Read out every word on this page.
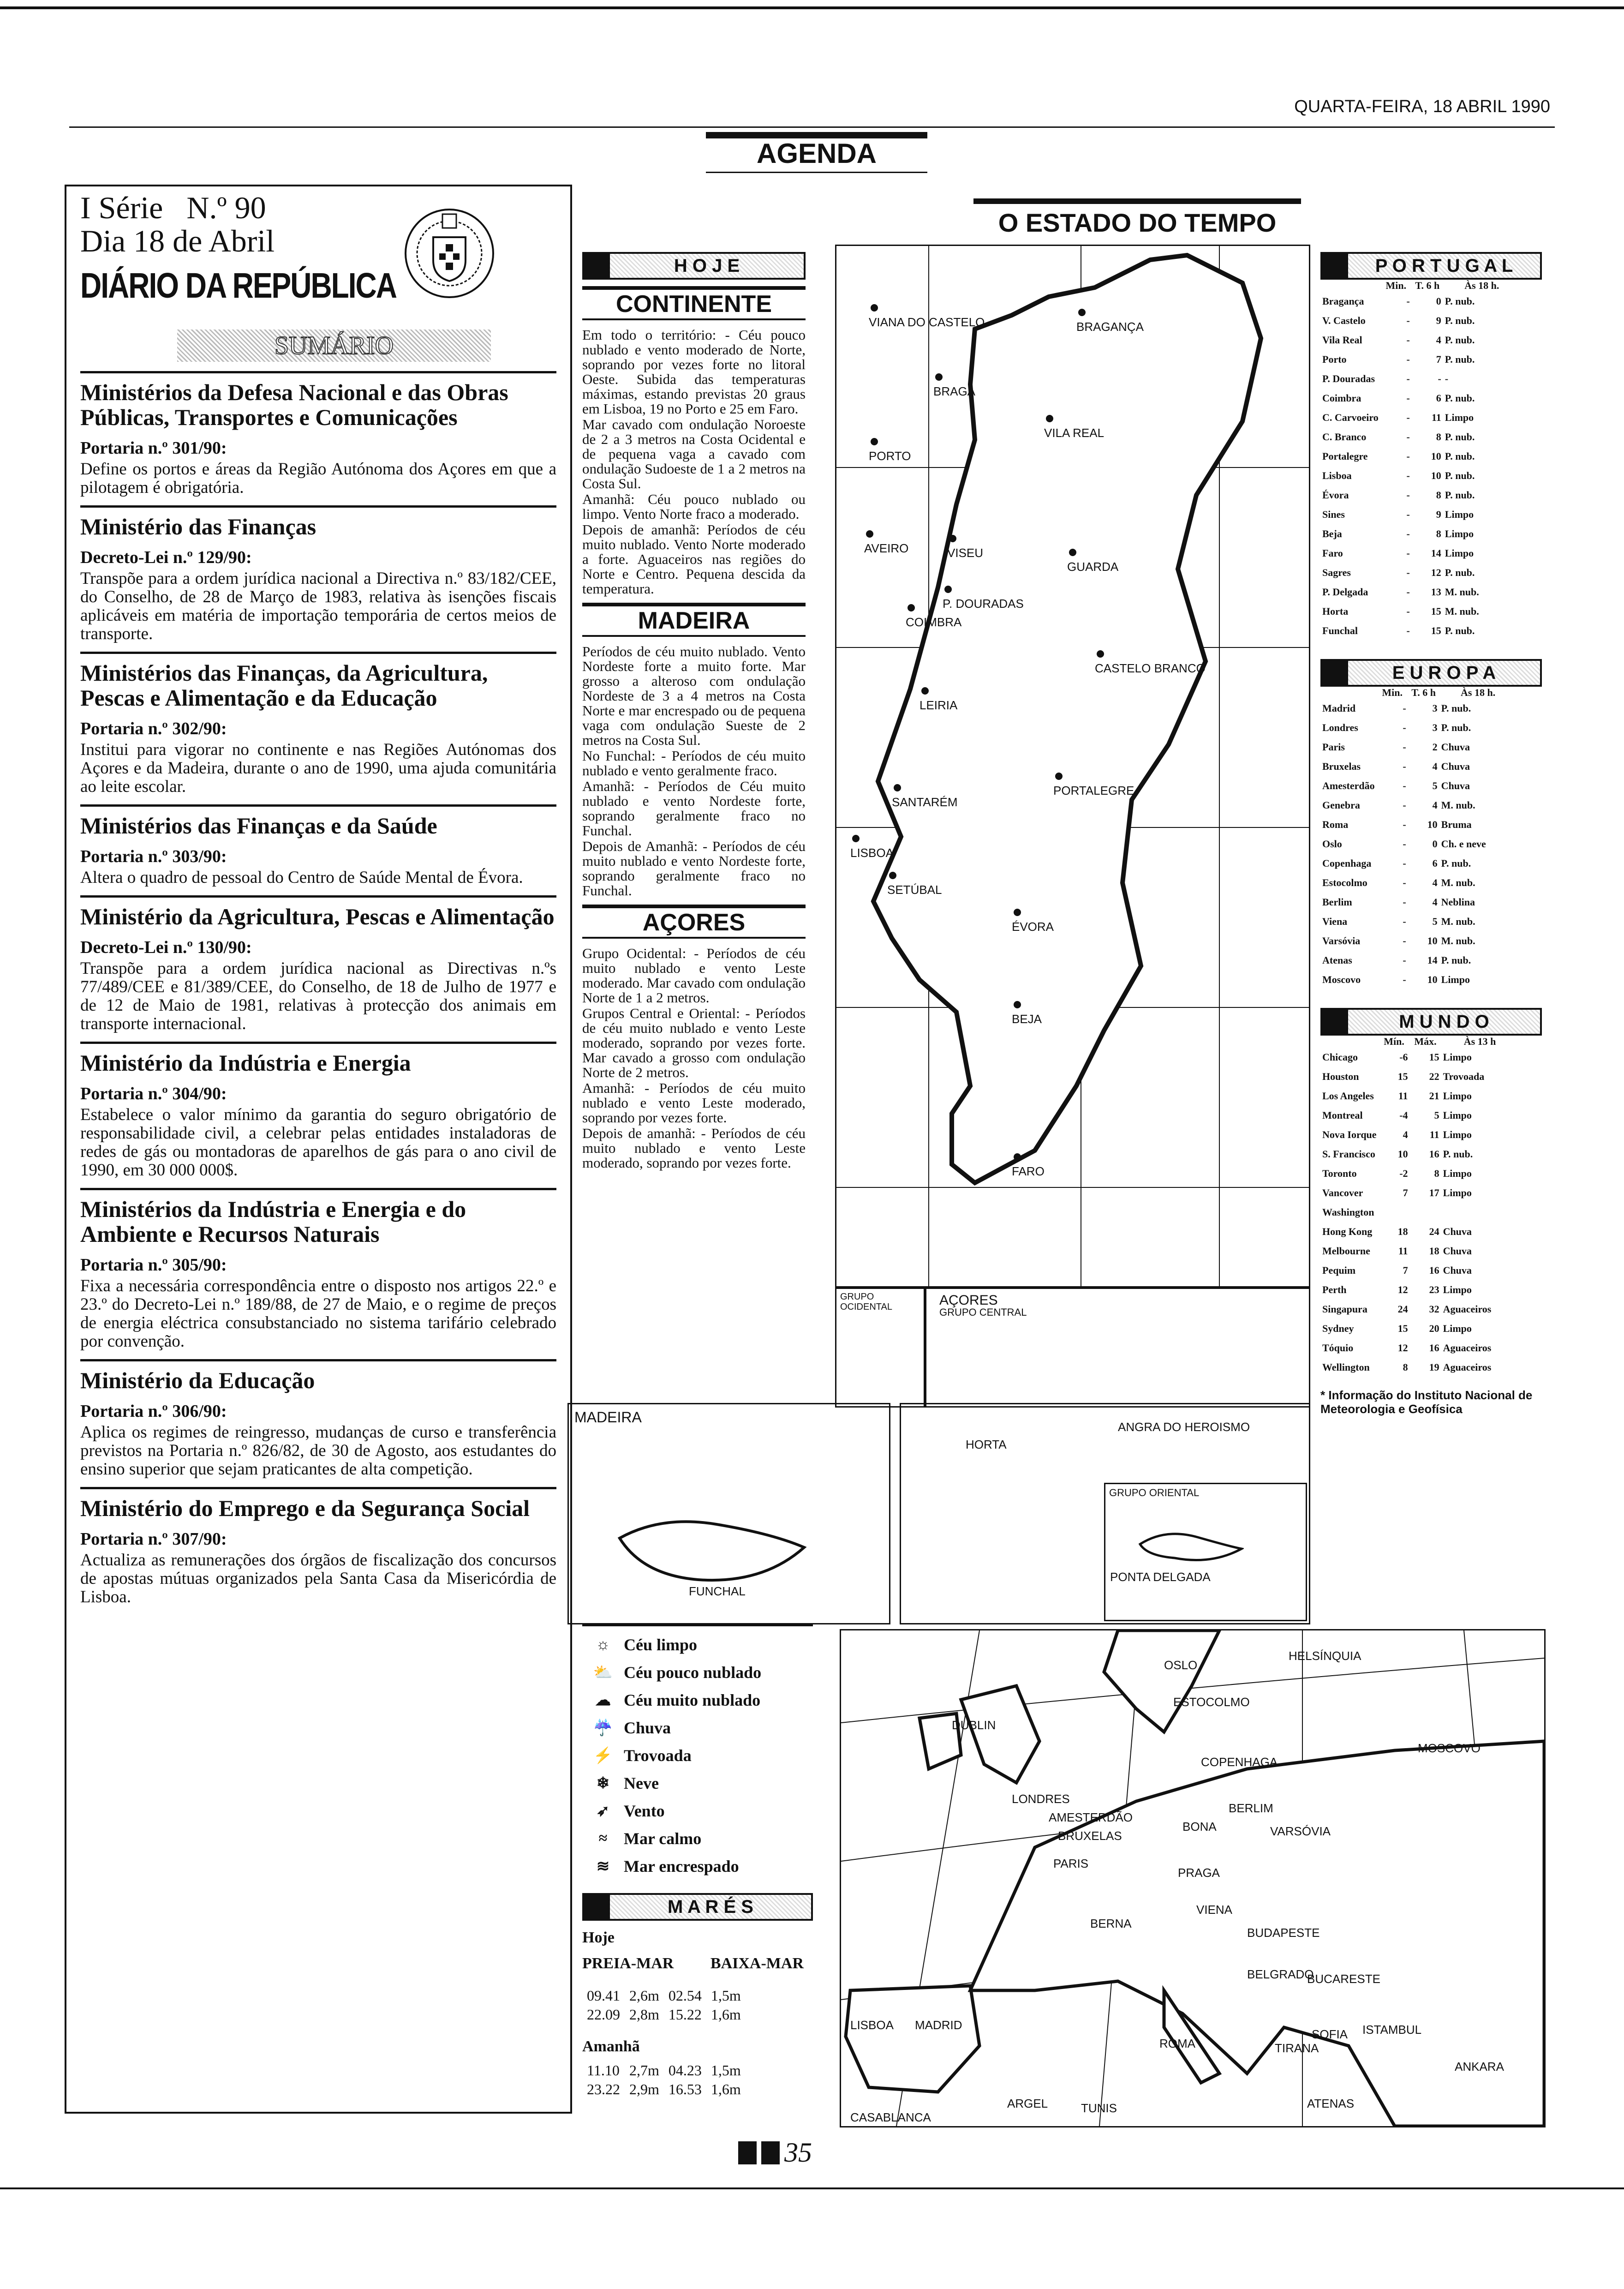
QUARTA-FEIRA, 18 ABRIL 1990
AGENDA
I Série N.º 90
Dia 18 de Abril
DIÁRIO DA REPÚBLICA
SUMÁRIO

Ministérios da Defesa Nacional e das Obras Públicas, Transportes e Comunicações

Portaria n.º 301/90:

Define os portos e áreas da Região Autónoma dos Açores em que a pilotagem é obrigatória.

Ministério das Finanças

Decreto-Lei n.º 129/90:

Transpõe para a ordem jurídica nacional a Directiva n.º 83/182/CEE, do Conselho, de 28 de Março de 1983, relativa às isenções fiscais aplicáveis em matéria de importação temporária de certos meios de transporte.

Ministérios das Finanças, da Agricultura, Pescas e Alimentação e da Educação

Portaria n.º 302/90:

Institui para vigorar no continente e nas Regiões Autónomas dos Açores e da Madeira, durante o ano de 1990, uma ajuda comunitária ao leite escolar.

Ministérios das Finanças e da Saúde

Portaria n.º 303/90:

Altera o quadro de pessoal do Centro de Saúde Mental de Évora.

Ministério da Agricultura, Pescas e Alimentação

Decreto-Lei n.º 130/90:

Transpõe para a ordem jurídica nacional as Directivas n.ºs 77/489/CEE e 81/389/CEE, do Conselho, de 18 de Julho de 1977 e de 12 de Maio de 1981, relativas à protecção dos animais em transporte internacional.

Ministério da Indústria e Energia

Portaria n.º 304/90:

Estabelece o valor mínimo da garantia do seguro obrigatório de responsabilidade civil, a celebrar pelas entidades instaladoras de redes de gás ou montadoras de aparelhos de gás para o ano civil de 1990, em 30 000 000$.

Ministérios da Indústria e Energia e do Ambiente e Recursos Naturais

Portaria n.º 305/90:

Fixa a necessária correspondência entre o disposto nos artigos 22.º e 23.º do Decreto-Lei n.º 189/88, de 27 de Maio, e o regime de preços de energia eléctrica consubstanciado no sistema tarifário celebrado por convenção.

Ministério da Educação

Portaria n.º 306/90:

Aplica os regimes de reingresso, mudanças de curso e transferência previstos na Portaria n.º 826/82, de 30 de Agosto, aos estudantes do ensino superior que sejam praticantes de alta competição.

Ministério do Emprego e da Segurança Social

Portaria n.º 307/90:

Actualiza as remunerações dos órgãos de fiscalização dos concursos de apostas mútuas organizados pela Santa Casa da Misericórdia de Lisboa.

O ESTADO DO TEMPO
H O J E
CONTINENTE

Em todo o território: - Céu pouco nublado e vento moderado de Norte, soprando por vezes forte no litoral Oeste. Subida das temperaturas máximas, estando previstas 20 graus em Lisboa, 19 no Porto e 25 em Faro.

Mar cavado com ondulação Noroeste de 2 a 3 metros na Costa Ocidental e de pequena vaga a cavado com ondulação Sudoeste de 1 a 2 metros na Costa Sul.

Amanhã: Céu pouco nublado ou limpo. Vento Norte fraco a moderado.

Depois de amanhã: Períodos de céu muito nublado. Vento Norte moderado a forte. Aguaceiros nas regiões do Norte e Centro. Pequena descida da temperatura.

MADEIRA

Períodos de céu muito nublado. Vento Nordeste forte a muito forte. Mar grosso a alteroso com ondulação Nordeste de 3 a 4 metros na Costa Norte e mar encrespado ou de pequena vaga com ondulação Sueste de 2 metros na Costa Sul.

No Funchal: - Períodos de céu muito nublado e vento geralmente fraco.

Amanhã: - Períodos de Céu muito nublado e vento Nordeste forte, soprando geralmente fraco no Funchal.

Depois de Amanhã: - Períodos de céu muito nublado e vento Nordeste forte, soprando geralmente fraco no Funchal.

AÇORES

Grupo Ocidental: - Períodos de céu muito nublado e vento Leste moderado. Mar cavado com ondulação Norte de 1 a 2 metros.

Grupos Central e Oriental: - Períodos de céu muito nublado e vento Leste moderado, soprando por vezes forte. Mar cavado a grosso com ondulação Norte de 2 metros.

Amanhã: - Períodos de céu muito nublado e vento Leste moderado, soprando por vezes forte.

Depois de amanhã: - Períodos de céu muito nublado e vento Leste moderado, soprando por vezes forte.

VIANA DO CASTELO
BRAGA
BRAGANÇA
VILA REAL
PORTO
AVEIRO	VISEU
GUARDA
P. DOURADAS
COIMBRA
CASTELO BRANCO
LEIRIA
PORTALEGRE
SANTARÉM
LISBOA
SETÚBAL
ÉVORA
BEJA
FARO
GRUPO OCIDENTAL	AÇORES
GRUPO CENTRAL
MADEIRA
FUNCHAL
HORTA
ANGRA DO HEROISMO
GRUPO ORIENTAL
PONTA DELGADA
P O R T U G A L
	Min.	T. 6 h	Às 18 h.
Bragança	-	0	P. nub.
V. Castelo	-	9	P. nub.
Vila Real	-	4	P. nub.
Porto	-	7	P. nub.
P. Douradas	-	-	-
Coimbra	-	6	P. nub.
C. Carvoeiro	-	11	Limpo
C. Branco	-	8	P. nub.
Portalegre	-	10	P. nub.
Lisboa	-	10	P. nub.
Évora	-	8	P. nub.
Sines	-	9	Limpo
Beja	-	8	Limpo
Faro	-	14	Limpo
Sagres	-	12	P. nub.
P. Delgada	-	13	M. nub.
Horta	-	15	M. nub.
Funchal	-	15	P. nub.
E U R O P A
	Min.	T. 6 h	Às 18 h.
Madrid	-	3	P. nub.
Londres	-	3	P. nub.
Paris	-	2	Chuva
Bruxelas	-	4	Chuva
Amesterdão	-	5	Chuva
Genebra	-	4	M. nub.
Roma	-	10	Bruma
Oslo	-	0	Ch. e neve
Copenhaga	-	6	P. nub.
Estocolmo	-	4	M. nub.
Berlim	-	4	Neblina
Viena	-	5	M. nub.
Varsóvia	-	10	M. nub.
Atenas	-	14	P. nub.
Moscovo	-	10	Limpo
M U N D O
	Mín.	Máx.	Às 13 h
Chicago	-6	15	Limpo
Houston	15	22	Trovoada
Los Angeles	11	21	Limpo
Montreal	-4	5	Limpo
Nova Iorque	4	11	Limpo
S. Francisco	10	16	P. nub.
Toronto	-2	8	Limpo
Vancover	7	17	Limpo
Washington			
Hong Kong	18	24	Chuva
Melbourne	11	18	Chuva
Pequim	7	16	Chuva
Perth	12	23	Limpo
Singapura	24	32	Aguaceiros
Sydney	15	20	Limpo
Tóquio	12	16	Aguaceiros
Wellington	8	19	Aguaceiros
* Informação do Instituto Nacional de Meteorologia e Geofísica
☼ Céu limpo
⛅ Céu pouco nublado
☁ Céu muito nublado
☔ Chuva
⚡ Trovoada
❄ Neve
➶ Vento
≈ Mar calmo
≋ Mar encrespado
M A R É S
Hoje
PREIA-MAR BAIXA-MAR
09.41	2,6m	02.54	1,5m
22.09	2,8m	15.22	1,6m
Amanhã
11.10	2,7m	04.23	1,5m
23.22	2,9m	16.53	1,6m
HELSÍNQUIA
OSLO
ESTOCOLMO
DUBLIN
MOSCOVO
COPENHAGA
LONDRES
BERLIM
AMESTERDÃO
BONA	VARSÓVIA
BRUXELAS
PARIS
PRAGA
VIENA
BERNA
BUDAPESTE
BELGRADO
BUCARESTE
LISBOA MADRID
SOFIA ISTAMBUL
ROMA	TIRANA
ANKARA
ARGEL	TUNIS	ATENAS
CASABLANCA
35
